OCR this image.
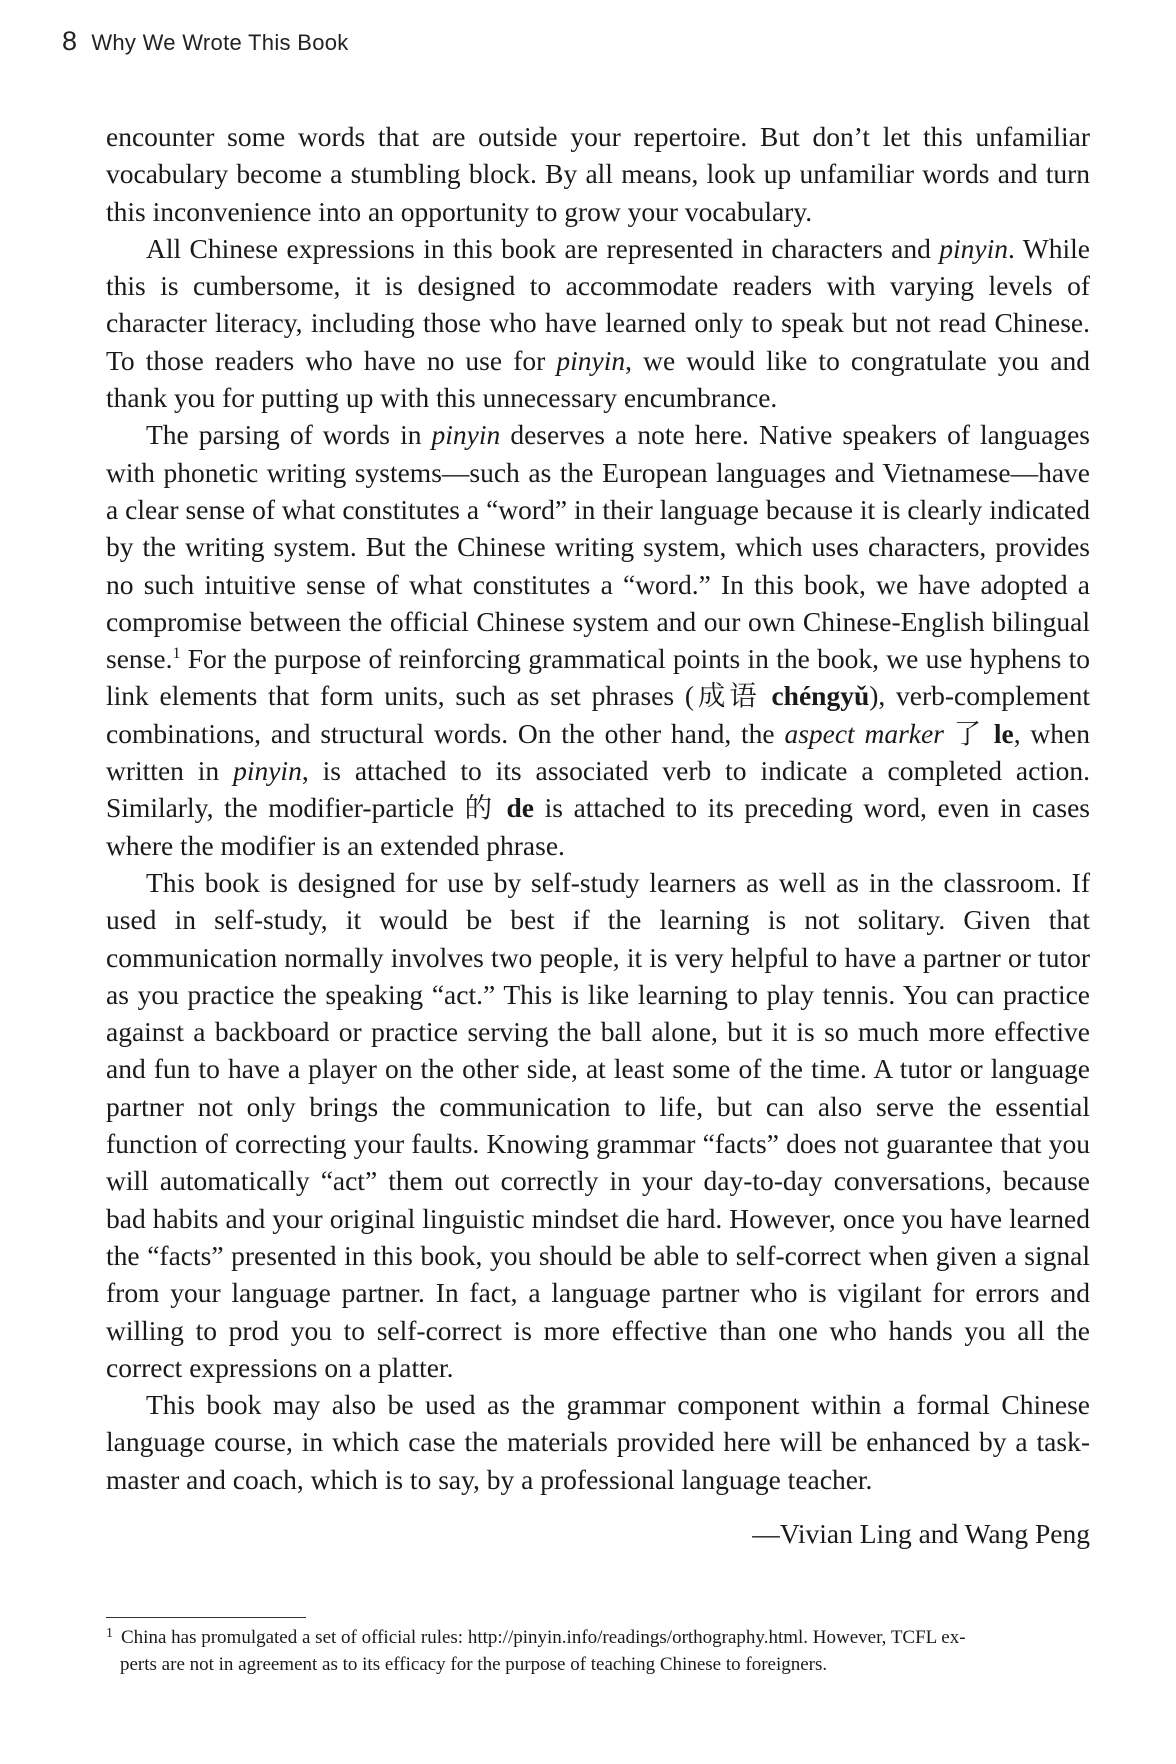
8 Why We Wrote This Book

encounter some words that are outside your repertoire. But don’t let this unfamiliar vocabulary become a stumbling block. By all means, look up unfamiliar words and turn this inconvenience into an opportunity to grow your vocabulary.

All Chinese expressions in this book are represented in characters and pinyin. While this is cumbersome, it is designed to accommodate readers with varying levels of character literacy, including those who have learned only to speak but not read Chinese. To those readers who have no use for pinyin, we would like to congratulate you and thank you for putting up with this unnecessary encumbrance.

The parsing of words in pinyin deserves a note here. Native speakers of languages with phonetic writing systems—such as the European languages and Vietnamese—have a clear sense of what constitutes a “word” in their language because it is clearly indicated by the writing system. But the Chinese writing system, which uses characters, provides no such intuitive sense of what constitutes a “word.” In this book, we have adopted a compromise between the official Chinese system and our own Chinese-English bilingual sense.$^1$ For the purpose of reinforcing grammatical points in the book, we use hyphens to link elements that form units, such as set phrases (成语 chéngyǔ), verb-complement combinations, and structural words. On the other hand, the aspect marker 了 le, when written in pinyin, is attached to its associated verb to indicate a completed action. Similarly, the modifier-particle 的 de is attached to its preceding word, even in cases where the modifier is an extended phrase.

This book is designed for use by self-study learners as well as in the classroom. If used in self-study, it would be best if the learning is not solitary. Given that communication normally involves two people, it is very helpful to have a partner or tutor as you practice the speaking “act.” This is like learning to play tennis. You can practice against a backboard or practice serving the ball alone, but it is so much more effective and fun to have a player on the other side, at least some of the time. A tutor or language partner not only brings the communication to life, but can also serve the essential function of correcting your faults. Knowing grammar “facts” does not guarantee that you will automatically “act” them out correctly in your day-to-day conversations, because bad habits and your original linguistic mindset die hard. However, once you have learned the “facts” presented in this book, you should be able to self-correct when given a signal from your language partner. In fact, a language partner who is vigilant for errors and willing to prod you to self-correct is more effective than one who hands you all the correct expressions on a platter.

This book may also be used as the grammar component within a formal Chinese language course, in which case the materials provided here will be enhanced by a task-master and coach, which is to say, by a professional language teacher.

—Vivian Ling and Wang Peng
$^1$ China has promulgated a set of official rules: http://pinyin.info/readings/orthography.html. However, TCFL ex-
perts are not in agreement as to its efficacy for the purpose of teaching Chinese to foreigners.
